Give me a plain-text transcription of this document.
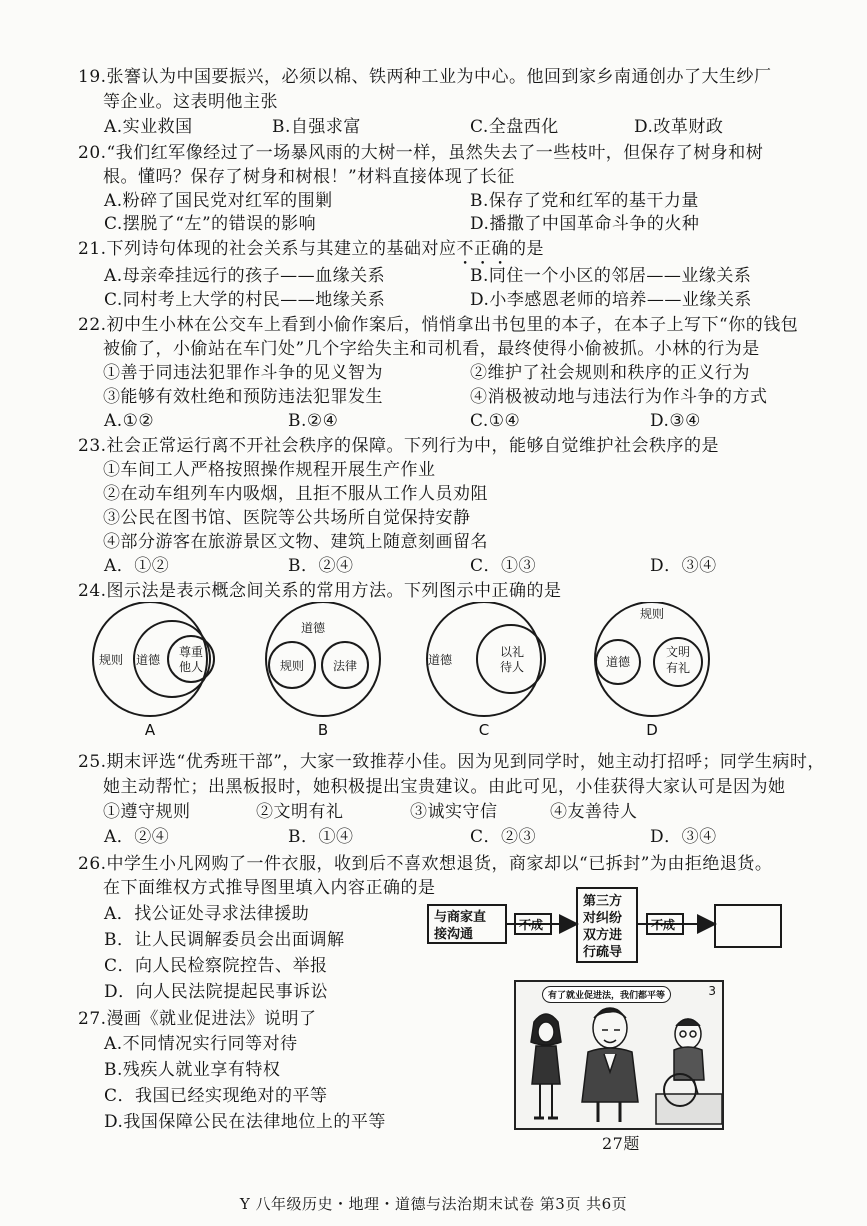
19.张謇认为中国要振兴，必须以棉、铁两种工业为中心。他回到家乡南通创办了大生纱厂
等企业。这表明他主张
A.实业救国	B.自强求富	C.全盘西化	D.改革财政
20.“我们红军像经过了一场暴风雨的大树一样，虽然失去了一些枝叶，但保存了树身和树
根。懂吗？保存了树身和树根！”材料直接体现了长征
A.粉碎了国民党对红军的围剿	B.保存了党和红军的基干力量
C.摆脱了“左”的错误的影响	D.播撒了中国革命斗争的火种
21.下列诗句体现的社会关系与其建立的基础对应不正确的是
A.母亲牵挂远行的孩子——血缘关系	B.同住一个小区的邻居——业缘关系
C.同村考上大学的村民——地缘关系	D.小李感恩老师的培养——业缘关系
22.初中生小林在公交车上看到小偷作案后，悄悄拿出书包里的本子，在本子上写下“你的钱包
被偷了，小偷站在车门处”几个字给失主和司机看，最终使得小偷被抓。小林的行为是
①善于同违法犯罪作斗争的见义智为	②维护了社会规则和秩序的正义行为
③能够有效杜绝和预防违法犯罪发生	④消极被动地与违法行为作斗争的方式
A.①②	B.②④	C.①④	D.③④
23.社会正常运行离不开社会秩序的保障。下列行为中，能够自觉维护社会秩序的是
①车间工人严格按照操作规程开展生产作业
②在动车组列车内吸烟，且拒不服从工作人员劝阻
③公民在图书馆、医院等公共场所自觉保持安静
④部分游客在旅游景区文物、建筑上随意刻画留名
A．①②	B．②④	C．①③	D．③④
24.图示法是表示概念间关系的常用方法。下列图示中正确的是
规则 道德
尊重
他人
道德
规则 法律	道德
以礼
待人
规则
道德
文明
有礼
A	B	C	D
25.期末评选“优秀班干部”，大家一致推荐小佳。因为见到同学时，她主动打招呼；同学生病时，
她主动帮忙；出黑板报时，她积极提出宝贵建议。由此可见，小佳获得大家认可是因为她
①遵守规则	②文明有礼	③诚实守信	④友善待人
A．②④	B．①④	C．②③	D．③④
26.中学生小凡网购了一件衣服，收到后不喜欢想退货，商家却以“已拆封”为由拒绝退货。
在下面维权方式推导图里填入内容正确的是
A．找公证处寻求法律援助
B．让人民调解委员会出面调解
C．向人民检察院控告、举报
D．向人民法院提起民事诉讼
与商家直
接沟通
第三方
对纠纷
双方进
行疏导
不成	不成
27.漫画《就业促进法》说明了
A.不同情况实行同等对待
B.残疾人就业享有特权
C．我国已经实现绝对的平等
D.我国保障公民在法律地位上的平等
有了就业促进法，我们都平等	3
27题
Y 八年级历史・地理・道德与法治期末试卷 第3页 共6页
